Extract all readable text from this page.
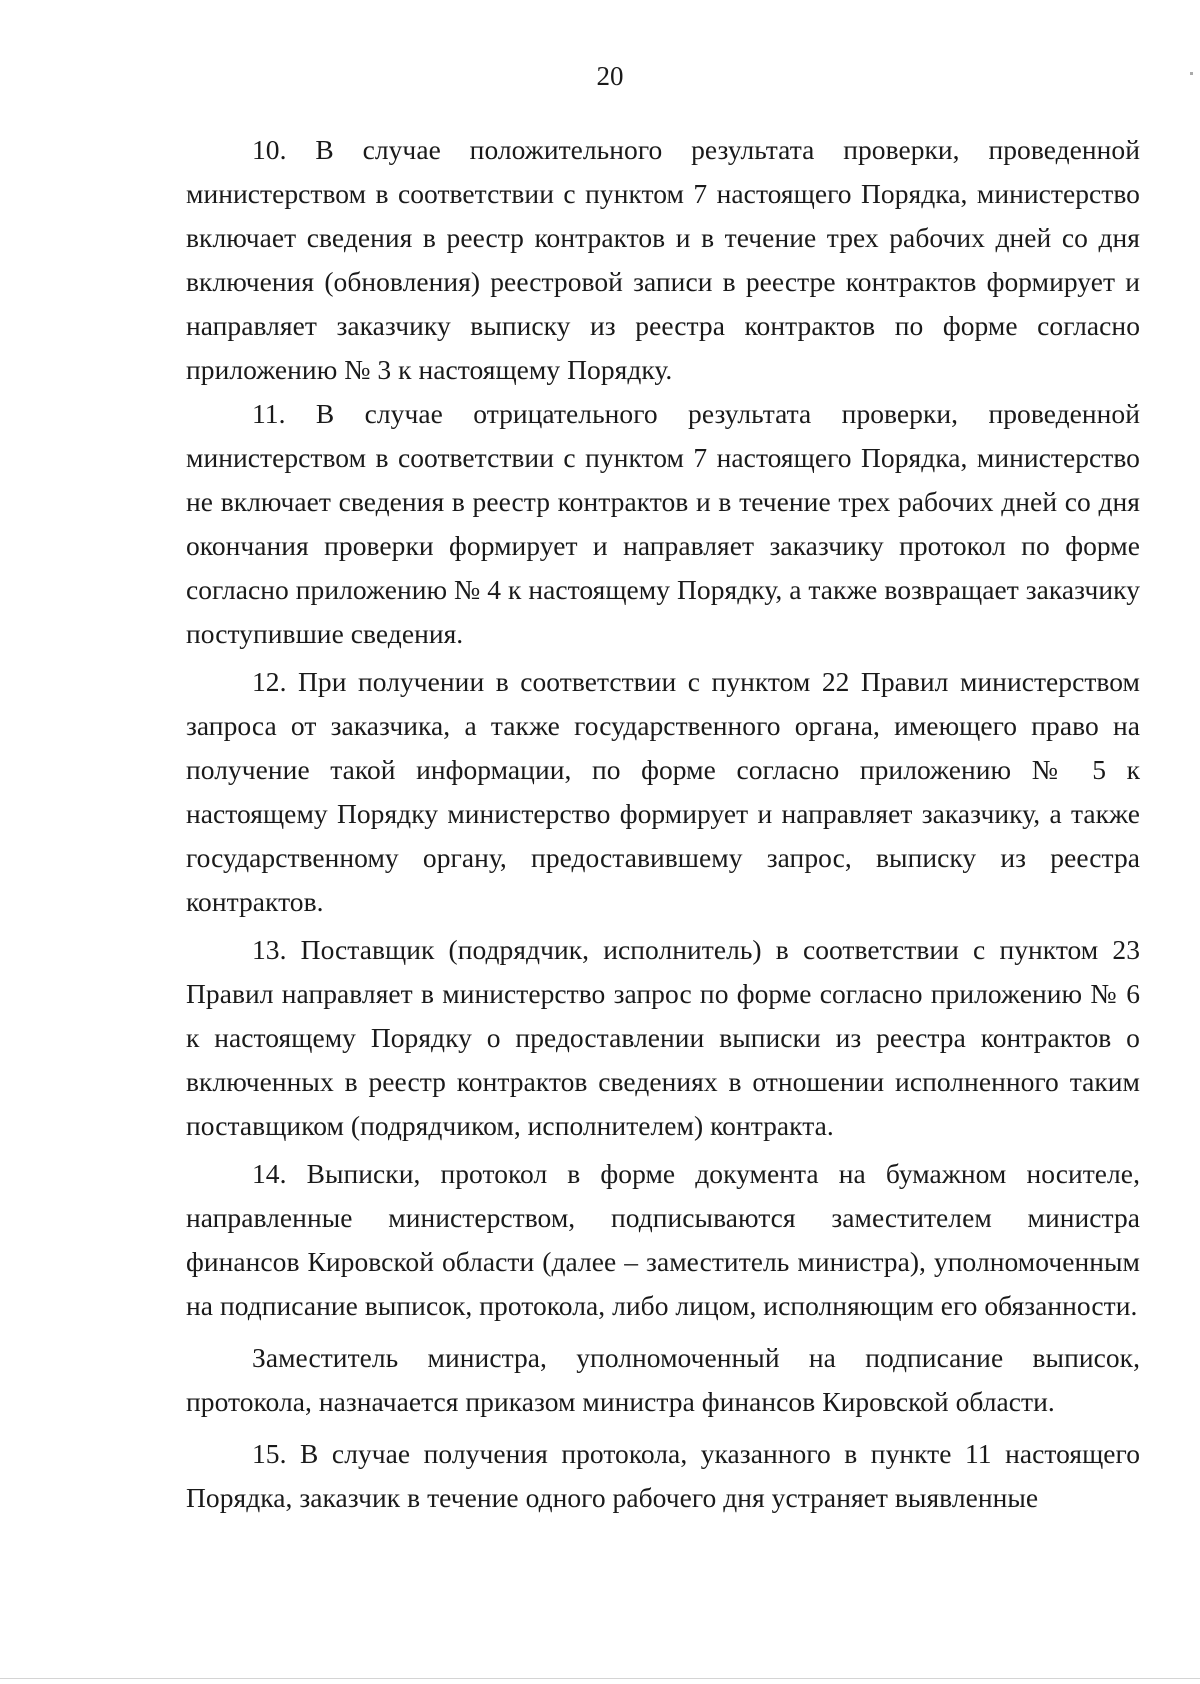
20

10. В случае положительного результата проверки, проведенной министерством в соответствии с пунктом 7 настоящего Порядка, министерство включает сведения в реестр контрактов и в течение трех рабочих дней со дня включения (обновления) реестровой записи в реестре контрактов формирует и направляет заказчику выписку из реестра контрактов по форме согласно приложению № 3 к настоящему Порядку.

11. В случае отрицательного результата проверки, проведенной министерством в соответствии с пунктом 7 настоящего Порядка, министерство не включает сведения в реестр контрактов и в течение трех рабочих дней со дня окончания проверки формирует и направляет заказчику протокол по форме согласно приложению № 4 к настоящему Порядку, а также возвращает заказчику поступившие сведения.

12. При получении в соответствии с пунктом 22 Правил министерством запроса от заказчика, а также государственного органа, имеющего право на получение такой информации, по форме согласно приложению № 5 к настоящему Порядку министерство формирует и направляет заказчику, а также государственному органу, предоставившему запрос, выписку из реестра контрактов.

13. Поставщик (подрядчик, исполнитель) в соответствии с пунктом 23 Правил направляет в министерство запрос по форме согласно приложению № 6 к настоящему Порядку о предоставлении выписки из реестра контрактов о включенных в реестр контрактов сведениях в отношении исполненного таким поставщиком (подрядчиком, исполнителем) контракта.

14. Выписки, протокол в форме документа на бумажном носителе, направленные министерством, подписываются заместителем министра финансов Кировской области (далее – заместитель министра), уполномоченным на подписание выписок, протокола, либо лицом, исполняющим его обязанности.

Заместитель министра, уполномоченный на подписание выписок, протокола, назначается приказом министра финансов Кировской области.

15. В случае получения протокола, указанного в пункте 11 настоящего Порядка, заказчик в течение одного рабочего дня устраняет выявленные
